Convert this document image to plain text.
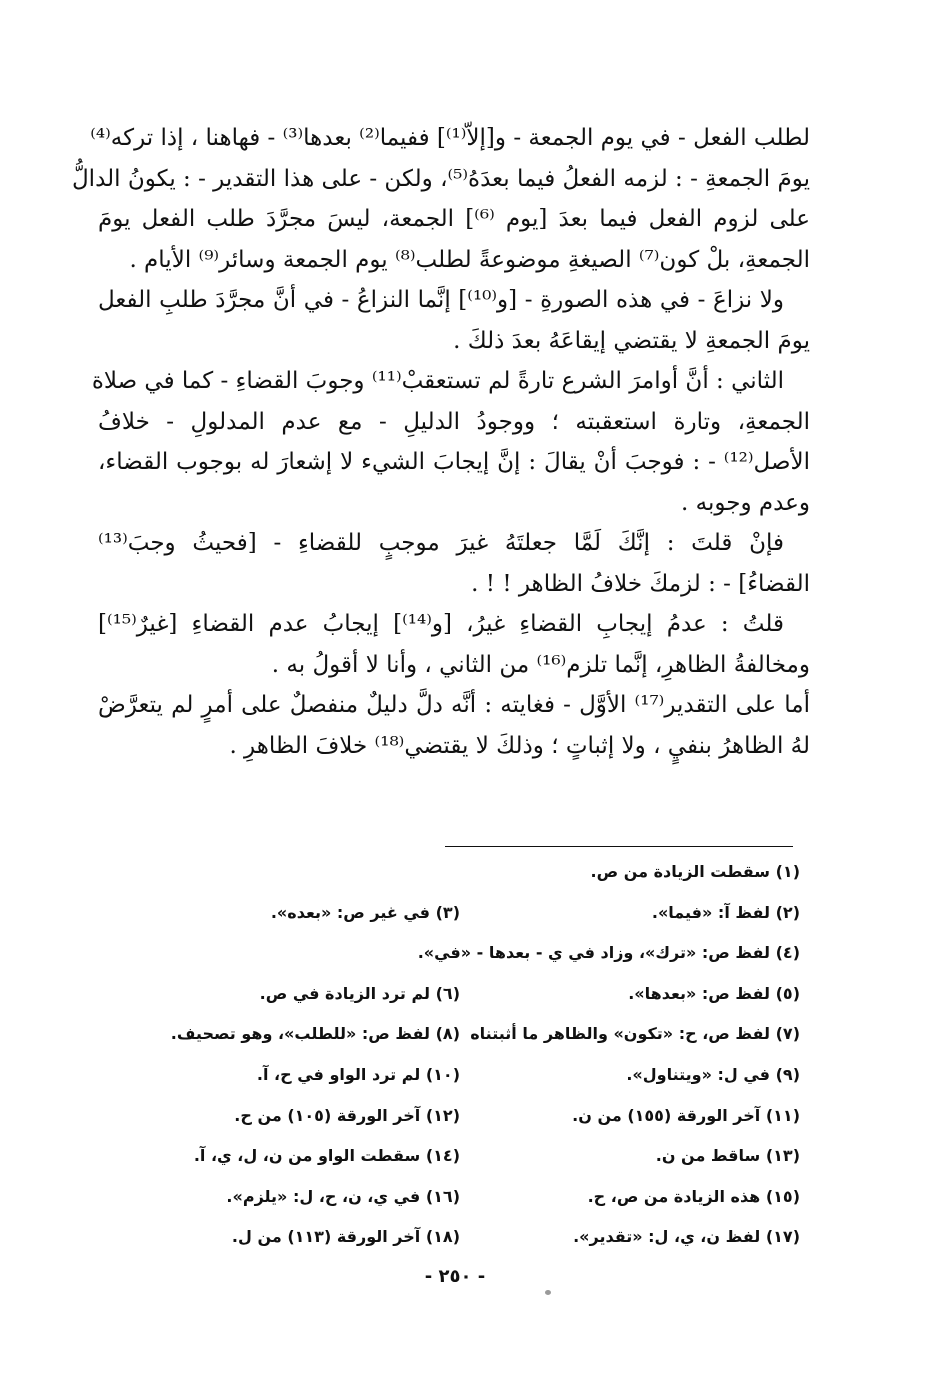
لطلب الفعل - في يوم الجمعة - و[إلاّ⁽¹⁾] ففيما⁽²⁾ بعدها⁽³⁾ - فهاهنا ، إذا تركه⁽⁴⁾
يومَ الجمعةِ - : لزمه الفعلُ فيما بعدَهُ⁽⁵⁾، ولكن - على هذا التقدير - : يكونُ الدالُّ
على لزوم الفعل فيما بعدَ [يوم ⁽⁶⁾] الجمعة، ليسَ مجرَّدَ طلب الفعل يومَ
الجمعةِ، بلْ كون⁽⁷⁾ الصيغةِ موضوعةً لطلب⁽⁸⁾ يوم الجمعة وسائر⁽⁹⁾ الأيام .
ولا نزاعَ - في هذه الصورةِ - [و⁽¹⁰⁾] إنَّما النزاعُ - في أنَّ مجرَّدَ طلبِ الفعل
يومَ الجمعةِ لا يقتضي إيقاعَهُ بعدَ ذلكَ .
الثاني : أنَّ أوامرَ الشرع تارةً لم تستعقبْ⁽¹¹⁾ وجوبَ القضاءِ - كما في صلاة
الجمعةِ، وتارة استعقبته ؛ ووجودُ الدليلِ - مع عدم المدلولِ - خلافُ
الأصل⁽¹²⁾ - : فوجبَ أنْ يقالَ : إنَّ إيجابَ الشيء لا إشعارَ له بوجوب القضاء،
وعدم وجوبه .
فإنْ قلتَ : إنَّكَ لَمَّا جعلتَهُ غيرَ موجبٍ للقضاءِ - [فحيثُ وجبَ⁽¹³⁾
القضاءُ] - : لزمكَ خلافُ الظاهر ! ! .
قلتُ : عدمُ إيجابِ القضاءِ غيرُ، [و⁽¹⁴⁾] إيجابُ عدم القضاءِ [غيرٌ⁽¹⁵⁾]
ومخالفةُ الظاهرِ، إنَّما تلزم⁽¹⁶⁾ من الثاني ، وأنا لا أقولُ به .
أما على التقدير⁽¹⁷⁾ الأوَّل - فغايته : أنَّه دلَّ دليلٌ منفصلٌ على أمرٍ لم يتعرَّضْ
لهُ الظاهرُ بنفيٍ ، ولا إثباتٍ ؛ وذلكَ لا يقتضي⁽¹⁸⁾ خلافَ الظاهرِ .
(١) سقطت الزيادة من ص.
(٢) لفظ آ: «فيما».
(٣) في غير ص: «بعده».
(٤) لفظ ص: «ترك»، وزاد في ي - بعدها - «في».
(٥) لفظ ص: «بعدها».
(٦) لم ترد الزيادة في ص.
(٧) لفظ ص، ح: «تكون» والظاهر ما أثبتناه
(٨) لفظ ص: «للطلب»، وهو تصحيف.
(٩) في ل: «ويتناول».
(١٠) لم ترد الواو في ح، آ.
(١١) آخر الورقة (١٥٥) من ن.
(١٢) آخر الورقة (١٠٥) من ح.
(١٣) ساقط من ن.
(١٤) سقطت الواو من ن، ل، ي، آ.
(١٥) هذه الزيادة من ص، ح.
(١٦) في ي، ن، ح، ل: «يلزم».
(١٧) لفظ ن، ي، ل: «تقدير».
(١٨) آخر الورقة (١١٣) من ل.
- ٢٥٠ -
